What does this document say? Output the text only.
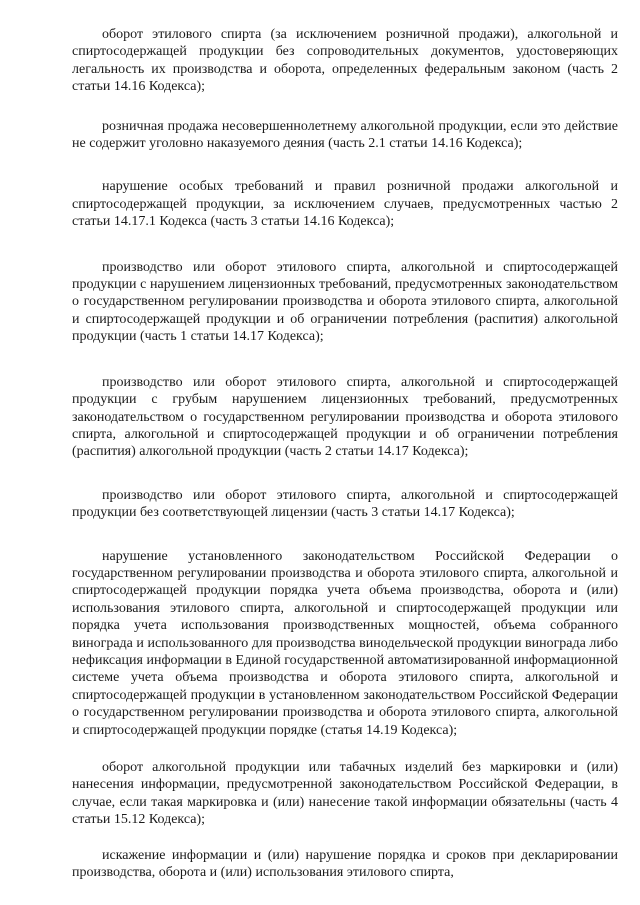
оборот этилового спирта (за исключением розничной продажи), алкогольной и спиртосодержащей продукции без сопроводительных документов, удостоверяющих легальность их производства и оборота, определенных федеральным законом (часть 2 статьи 14.16 Кодекса);

розничная продажа несовершеннолетнему алкогольной продукции, если это действие не содержит уголовно наказуемого деяния (часть 2.1 статьи 14.16 Кодекса);

нарушение особых требований и правил розничной продажи алкогольной и спиртосодержащей продукции, за исключением случаев, предусмотренных частью 2 статьи 14.17.1 Кодекса (часть 3 статьи 14.16 Кодекса);

производство или оборот этилового спирта, алкогольной и спиртосодержащей продукции с нарушением лицензионных требований, предусмотренных законодательством о государственном регулировании производства и оборота этилового спирта, алкогольной и спиртосодержащей продукции и об ограничении потребления (распития) алкогольной продукции (часть 1 статьи 14.17 Кодекса);

производство или оборот этилового спирта, алкогольной и спиртосодержащей продукции с грубым нарушением лицензионных требований, предусмотренных законодательством о государственном регулировании производства и оборота этилового спирта, алкогольной и спиртосодержащей продукции и об ограничении потребления (распития) алкогольной продукции (часть 2 статьи 14.17 Кодекса);

производство или оборот этилового спирта, алкогольной и спиртосодержащей продукции без соответствующей лицензии (часть 3 статьи 14.17 Кодекса);

нарушение установленного законодательством Российской Федерации о государственном регулировании производства и оборота этилового спирта, алкогольной и спиртосодержащей продукции порядка учета объема производства, оборота и (или) использования этилового спирта, алкогольной и спиртосодержащей продукции или порядка учета использования производственных мощностей, объема собранного винограда и использованного для производства винодельческой продукции винограда либо нефиксация информации в Единой государственной автоматизированной информационной системе учета объема производства и оборота этилового спирта, алкогольной и спиртосодержащей продукции в установленном законодательством Российской Федерации о государственном регулировании производства и оборота этилового спирта, алкогольной и спиртосодержащей продукции порядке (статья 14.19 Кодекса);

оборот алкогольной продукции или табачных изделий без маркировки и (или) нанесения информации, предусмотренной законодательством Российской Федерации, в случае, если такая маркировка и (или) нанесение такой информации обязательны (часть 4 статьи 15.12 Кодекса);

искажение информации и (или) нарушение порядка и сроков при декларировании производства, оборота и (или) использования этилового спирта,
